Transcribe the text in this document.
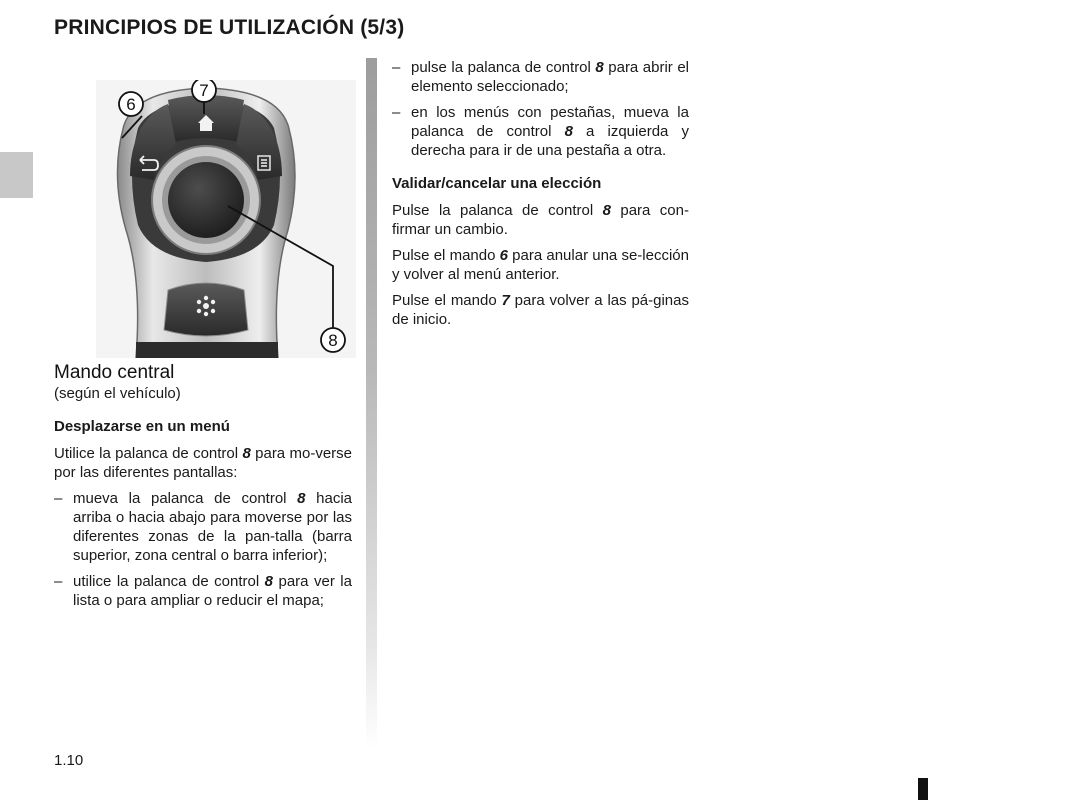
PRINCIPIOS DE UTILIZACIÓN (5/3)
6
7
8
Mando central

(según el vehículo)

Desplazarse en un menú

Utilice la palanca de control 8 para mo-verse por las diferentes pantallas:

– mueva la palanca de control 8 hacia arriba o hacia abajo para moverse por las diferentes zonas de la pan-talla (barra superior, zona central o barra inferior);
– utilice la palanca de control 8 para ver la lista o para ampliar o reducir el mapa;
– pulse la palanca de control 8 para abrir el elemento seleccionado;
– en los menús con pestañas, mueva la palanca de control 8 a izquierda y derecha para ir de una pestaña a otra.

Validar/cancelar una elección

Pulse la palanca de control 8 para con-firmar un cambio.

Pulse el mando 6 para anular una se-lección y volver al menú anterior.

Pulse el mando 7 para volver a las pá-ginas de inicio.

1.10
